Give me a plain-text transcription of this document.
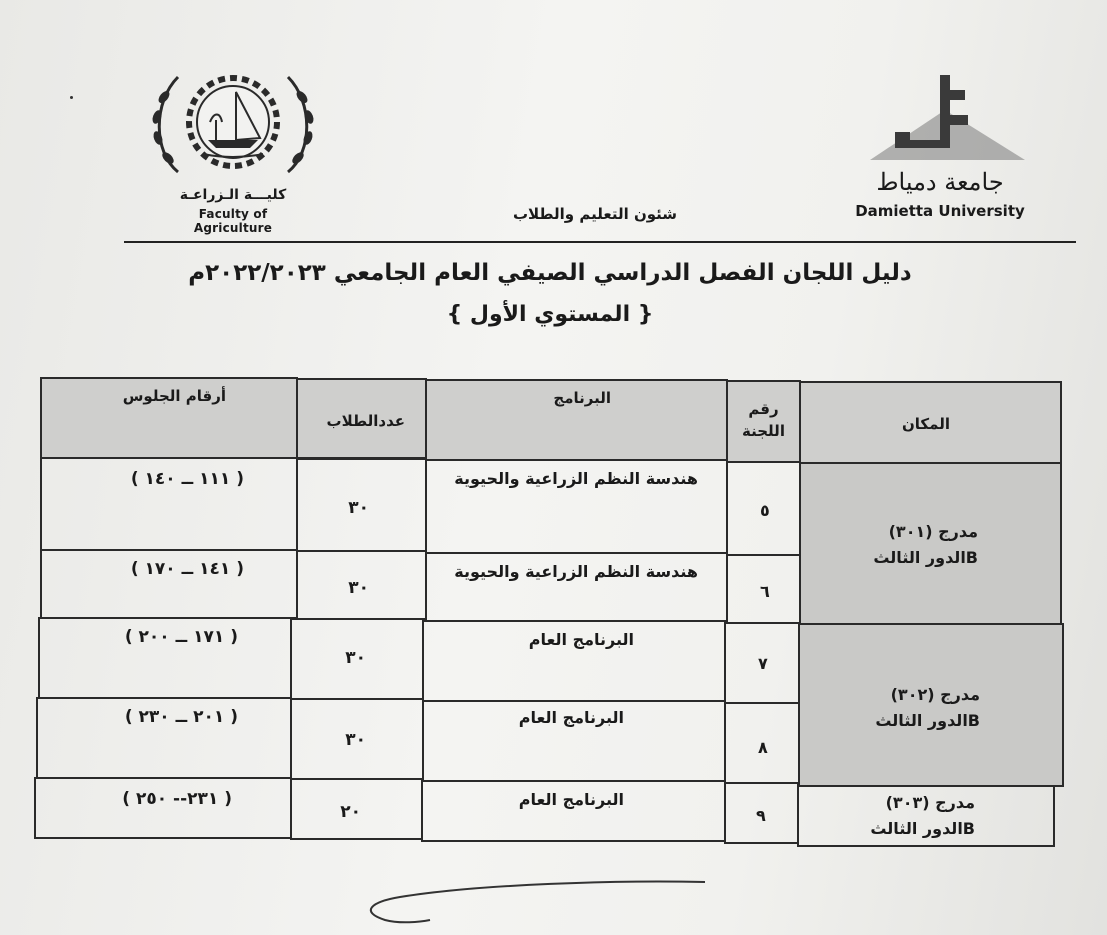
كليـــة الـزراعـة
Faculty of Agriculture
شئون التعليم والطلاب
جامعة دمياط
Damietta University
دليل اللجان الفصل الدراسي الصيفي العام الجامعي ٢٠٢٢/٢٠٢٣م
{ المستوي الأول }
أرقام الجلوس
عددالطلاب
البرنامج
رقم اللجنة	المكان
( ١١١ ــ ١٤٠ )
٣٠
هندسة النظم الزراعية والحيوية
٥
( ١٤١ ــ ١٧٠ )
٣٠
هندسة النظم الزراعية والحيوية
٦
مدرج (٣٠١)
Bالدور الثالث
( ١٧١ ــ ٢٠٠ )
٣٠
البرنامج العام
٧
( ٢٠١ ــ ٢٣٠ )
٣٠
البرنامج العام
٨
مدرج (٣٠٢)
Bالدور الثالث
( ٢٣١-- ٢٥٠ )
٢٠
البرنامج العام
٩
مدرج (٣٠٣)
Bالدور الثالث
